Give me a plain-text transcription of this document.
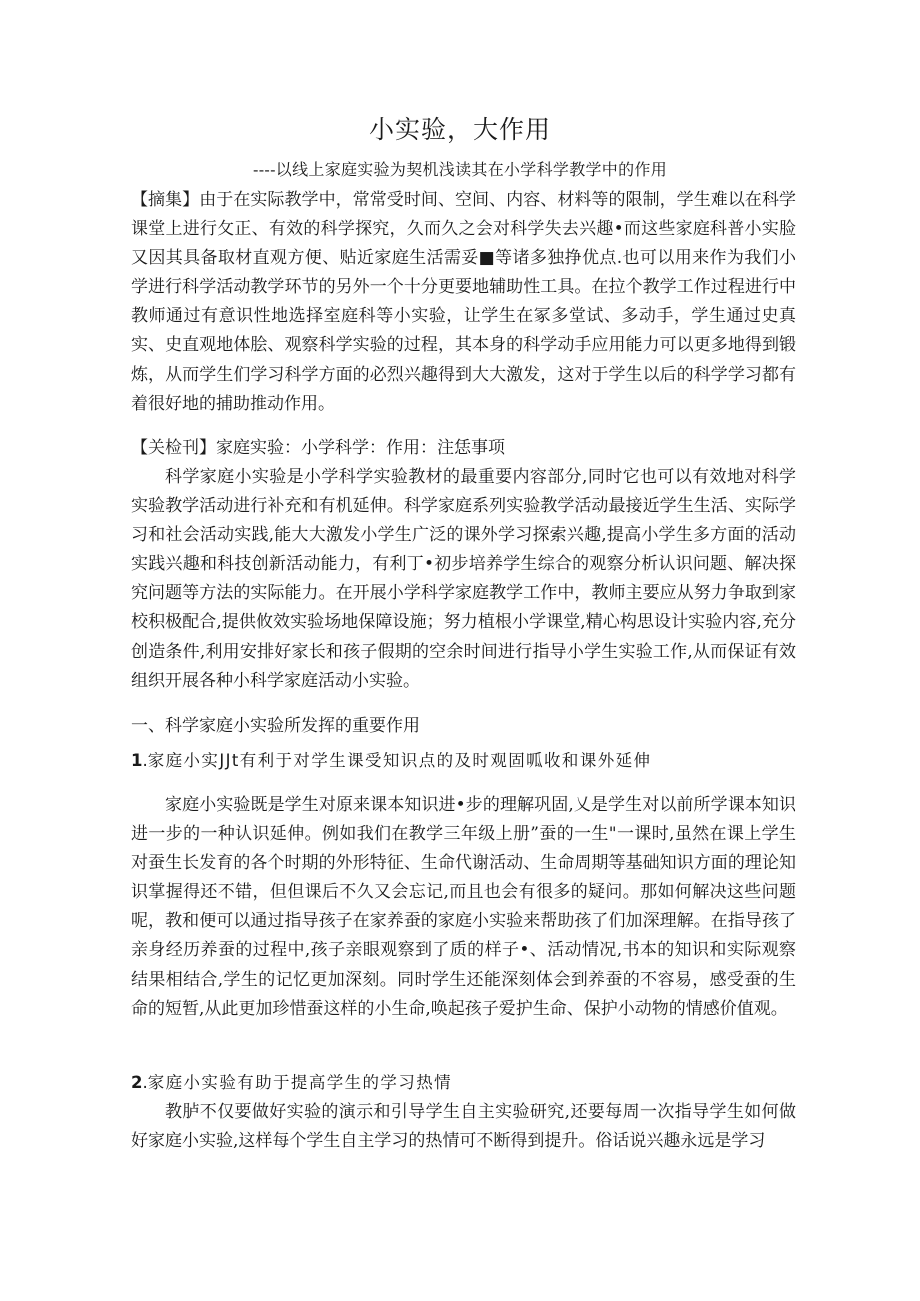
小实验，大作用
----以线上家庭实验为契机浅读其在小学科学教学中的作用

【摘集】由于在实际教学中，常常受时间、空间、内容、材料等的限制，学生难以在科学课堂上进行攵正、有效的科学探究，久而久之会对科学失去兴趣•而这些家庭科普小实脸又因其具备取材直观方便、贴近家庭生活需妥■等诸多独挣优点.也可以用来作为我们小学进行科学活动教学环节的另外一个十分更要地辅助性工具。在拉个教学工作过程进行中教师通过有意识性地选择室庭科等小实验，让学生在冢多堂试、多动手，学生通过史真实、史直观地体脍、观察科学实验的过程，其本身的科学动手应用能力可以更多地得到锻炼，从而学生们学习科学方面的必烈兴趣得到大大激发，这对于学生以后的科学学习都有着很好地的捕助推动作用。

【关检刊】家庭实验：小学科学：作用：注恁事项

科学家庭小实验是小学科学实验教材的最重要内容部分,同时它也可以有效地对科学实验教学活动进行补充和有机延伸。科学家庭系列实验教学活动最接近学生生活、实际学习和社会活动实践,能大大激发小学生广泛的课外学习探索兴趣,提高小学生多方面的活动实践兴趣和科技创新活动能力，有利丁•初步培养学生综合的观察分析认识问题、解决探究问题等方法的实际能力。在开展小学科学家庭教学工作中，教师主要应从努力争取到家校积极配合,提供攸效实验场地保障设施；努力植根小学课堂,精心构思设计实验内容,充分创造条件,利用安排好家长和孩子假期的空余时间进行指导小学生实验工作,从而保证有效组织开展各种小科学家庭活动小实验。

一、科学家庭小实验所发挥的重要作用

1.家庭小实JJt有利于对学生课受知识点的及时观固呱收和课外延伸

家庭小实验既是学生对原来课本知识进•步的理解巩固,乂是学生对以前所学课本知识进一步的一种认识延伸。例如我们在教学三年级上册”蚕的一生"一课时,虽然在课上学生对蚕生长发育的各个时期的外形特征、生命代谢活动、生命周期等基础知识方面的理论知识掌握得还不错，但但课后不久又会忘记,而且也会有很多的疑问。那如何解决这些问题呢，教和便可以通过指导孩子在家养蚕的家庭小实验来帮助孩了们加深理解。在指导孩了亲身经历养蚕的过程中,孩子亲眼观察到了质的样子•、活动情况,书本的知识和实际观察结果相结合,学生的记忆更加深刻。同时学生还能深刻体会到养蚕的不容易，感受蚕的生命的短暂,从此更加珍惜蚕这样的小生命,唤起孩子爱护生命、保护小动物的情感价值观。

2.家庭小实验有助于提高学生的学习热情

教胪不仅要做好实验的演示和引导学生自主实验研究,还要每周一次指导学生如何做好家庭小实验,这样每个学生自主学习的热情可不断得到提升。俗话说兴趣永远是学习
